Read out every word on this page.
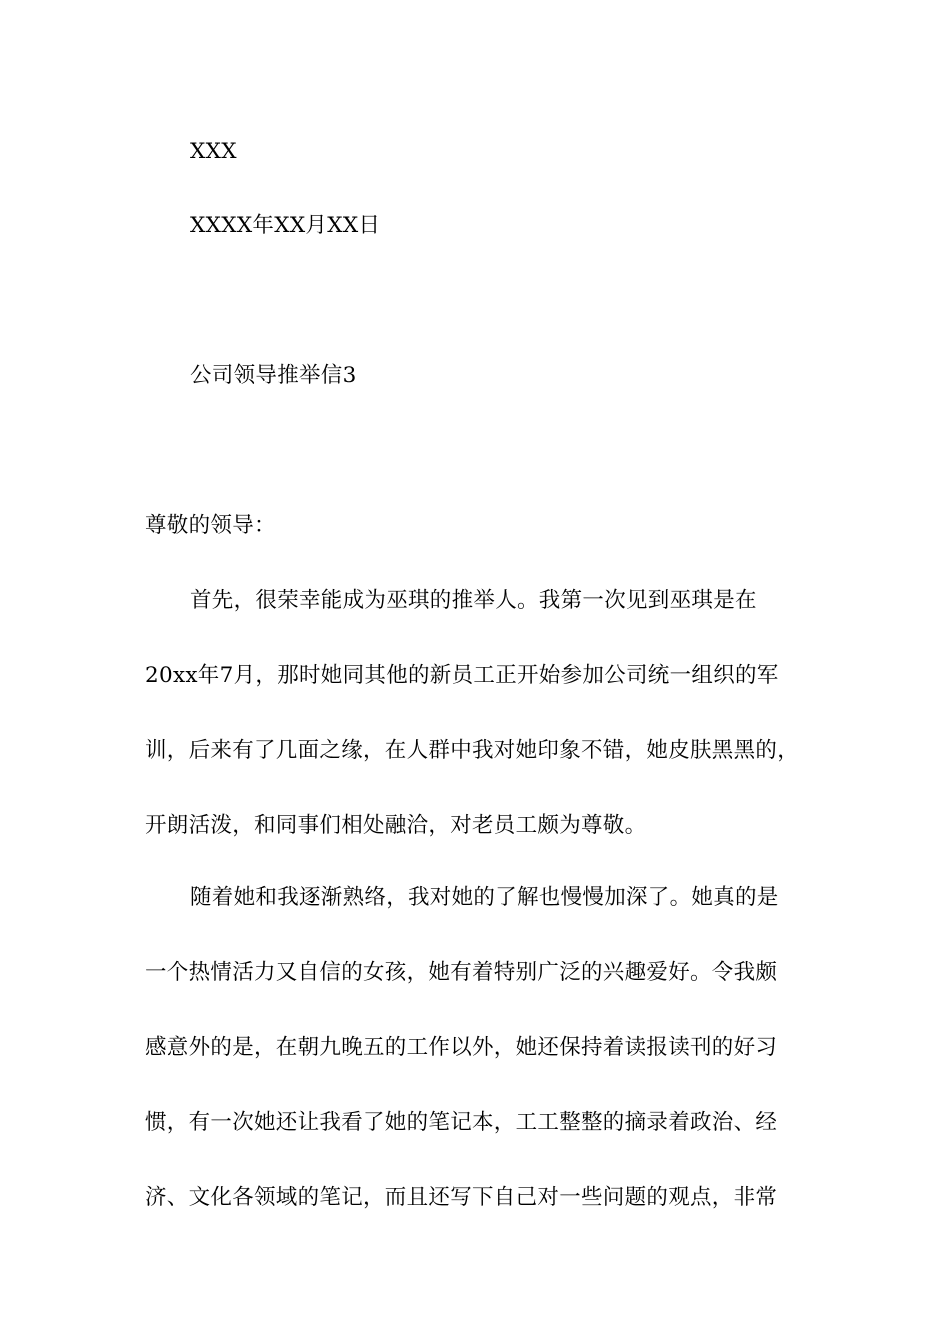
XXX
XXXX年XX月XX日
公司领导推举信3
尊敬的领导：
首先，很荣幸能成为巫琪的推举人。我第一次见到巫琪是在
20xx年7月，那时她同其他的新员工正开始参加公司统一组织的军
训，后来有了几面之缘，在人群中我对她印象不错，她皮肤黑黑的，
开朗活泼，和同事们相处融洽，对老员工颇为尊敬。
随着她和我逐渐熟络，我对她的了解也慢慢加深了。她真的是
一个热情活力又自信的女孩，她有着特别广泛的兴趣爱好。令我颇
感意外的是，在朝九晚五的工作以外，她还保持着读报读刊的好习
惯，有一次她还让我看了她的笔记本，工工整整的摘录着政治、经
济、文化各领域的笔记，而且还写下自己对一些问题的观点，非常
